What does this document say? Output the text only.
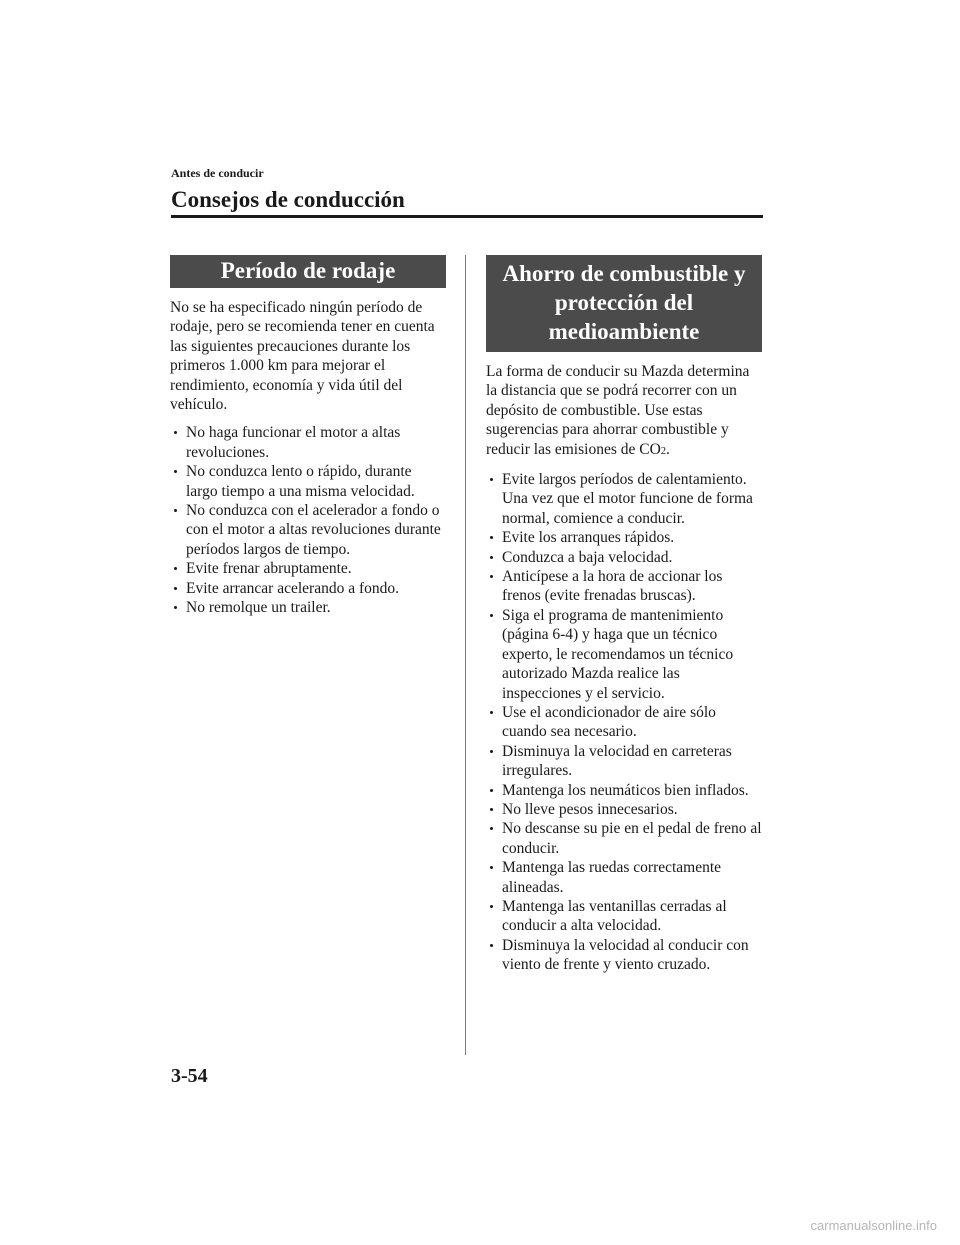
Antes de conducir
Consejos de conducción
Período de rodaje

No se ha especificado ningún período de rodaje, pero se recomienda tener en cuenta las siguientes precauciones durante los primeros 1.000 km para mejorar el rendimiento, economía y vida útil del vehículo.

No haga funcionar el motor a altas revoluciones.
No conduzca lento o rápido, durante largo tiempo a una misma velocidad.
No conduzca con el acelerador a fondo o con el motor a altas revoluciones durante períodos largos de tiempo.
Evite frenar abruptamente.
Evite arrancar acelerando a fondo.
No remolque un trailer.
Ahorro de combustible y
protección del
medioambiente

La forma de conducir su Mazda determina la distancia que se podrá recorrer con un depósito de combustible. Use estas sugerencias para ahorrar combustible y reducir las emisiones de CO2.

Evite largos períodos de calentamiento. Una vez que el motor funcione de forma normal, comience a conducir.
Evite los arranques rápidos.
Conduzca a baja velocidad.
Anticípese a la hora de accionar los frenos (evite frenadas bruscas).
Siga el programa de mantenimiento (página 6-4) y haga que un técnico experto, le recomendamos un técnico autorizado Mazda realice las inspecciones y el servicio.
Use el acondicionador de aire sólo cuando sea necesario.
Disminuya la velocidad en carreteras irregulares.
Mantenga los neumáticos bien inflados.
No lleve pesos innecesarios.
No descanse su pie en el pedal de freno al conducir.
Mantenga las ruedas correctamente alineadas.
Mantenga las ventanillas cerradas al conducir a alta velocidad.
Disminuya la velocidad al conducir con viento de frente y viento cruzado.
3-54
carmanualsonline.info
